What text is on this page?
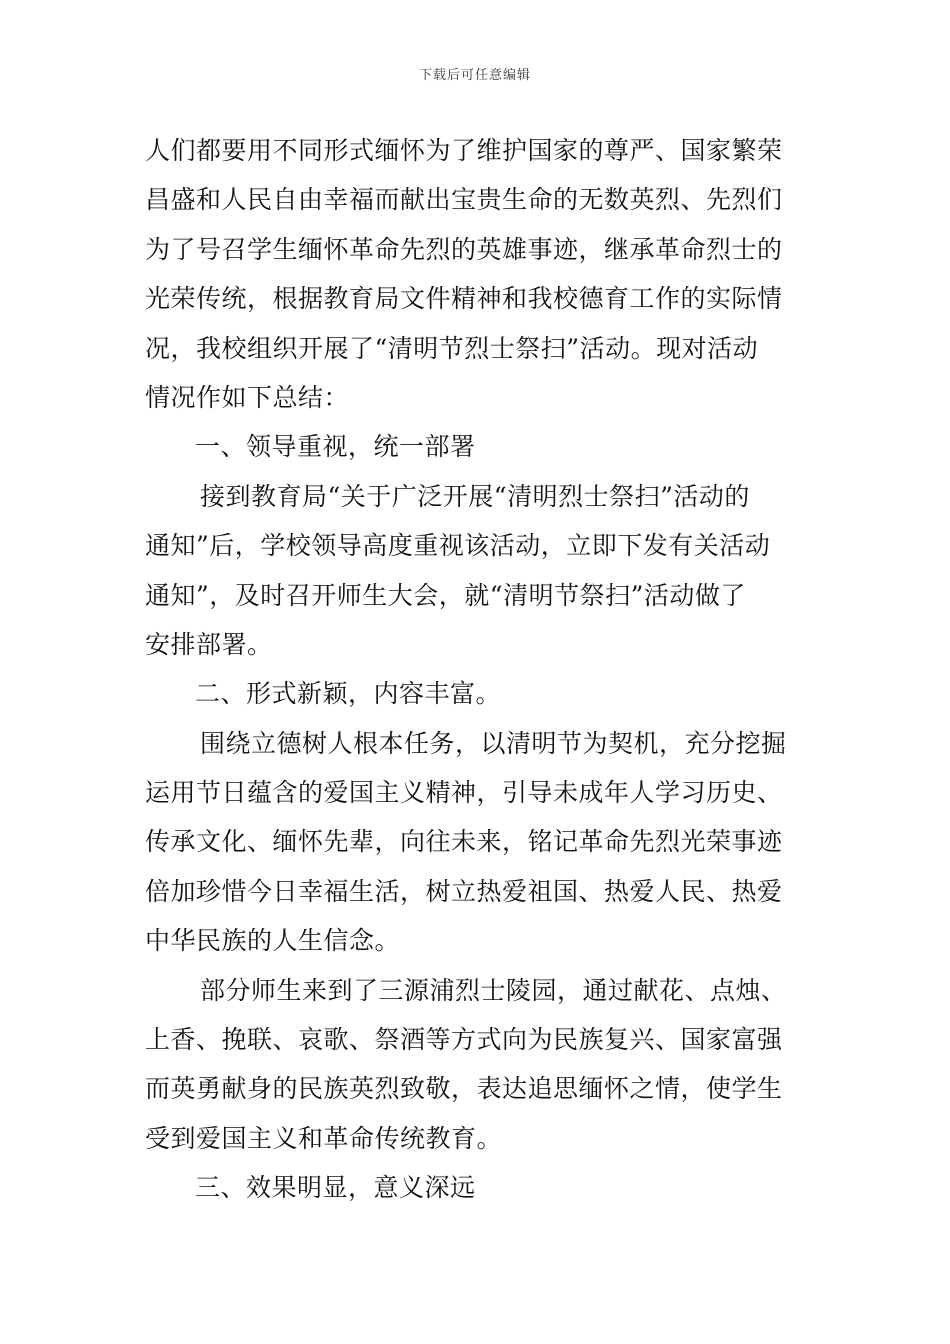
下载后可任意编辑
人们都要用不同形式缅怀为了维护国家的尊严、国家繁荣
昌盛和人民自由幸福而献出宝贵生命的无数英烈、先烈们
为了号召学生缅怀革命先烈的英雄事迹，继承革命烈士的
光荣传统，根据教育局文件精神和我校德育工作的实际情
况，我校组织开展了“清明节烈士祭扫”活动。现对活动
情况作如下总结：
一、领导重视，统一部署
接到教育局“关于广泛开展“清明烈士祭扫”活动的
通知”后，学校领导高度重视该活动，立即下发有关活动
通知”，及时召开师生大会，就“清明节祭扫”活动做了
安排部署。
二、形式新颖，内容丰富。
围绕立德树人根本任务，以清明节为契机，充分挖掘
运用节日蕴含的爱国主义精神，引导未成年人学习历史、
传承文化、缅怀先辈，向往未来，铭记革命先烈光荣事迹
倍加珍惜今日幸福生活，树立热爱祖国、热爱人民、热爱
中华民族的人生信念。
部分师生来到了三源浦烈士陵园，通过献花、点烛、
上香、挽联、哀歌、祭酒等方式向为民族复兴、国家富强
而英勇献身的民族英烈致敬，表达追思缅怀之情，使学生
受到爱国主义和革命传统教育。
三、效果明显，意义深远
